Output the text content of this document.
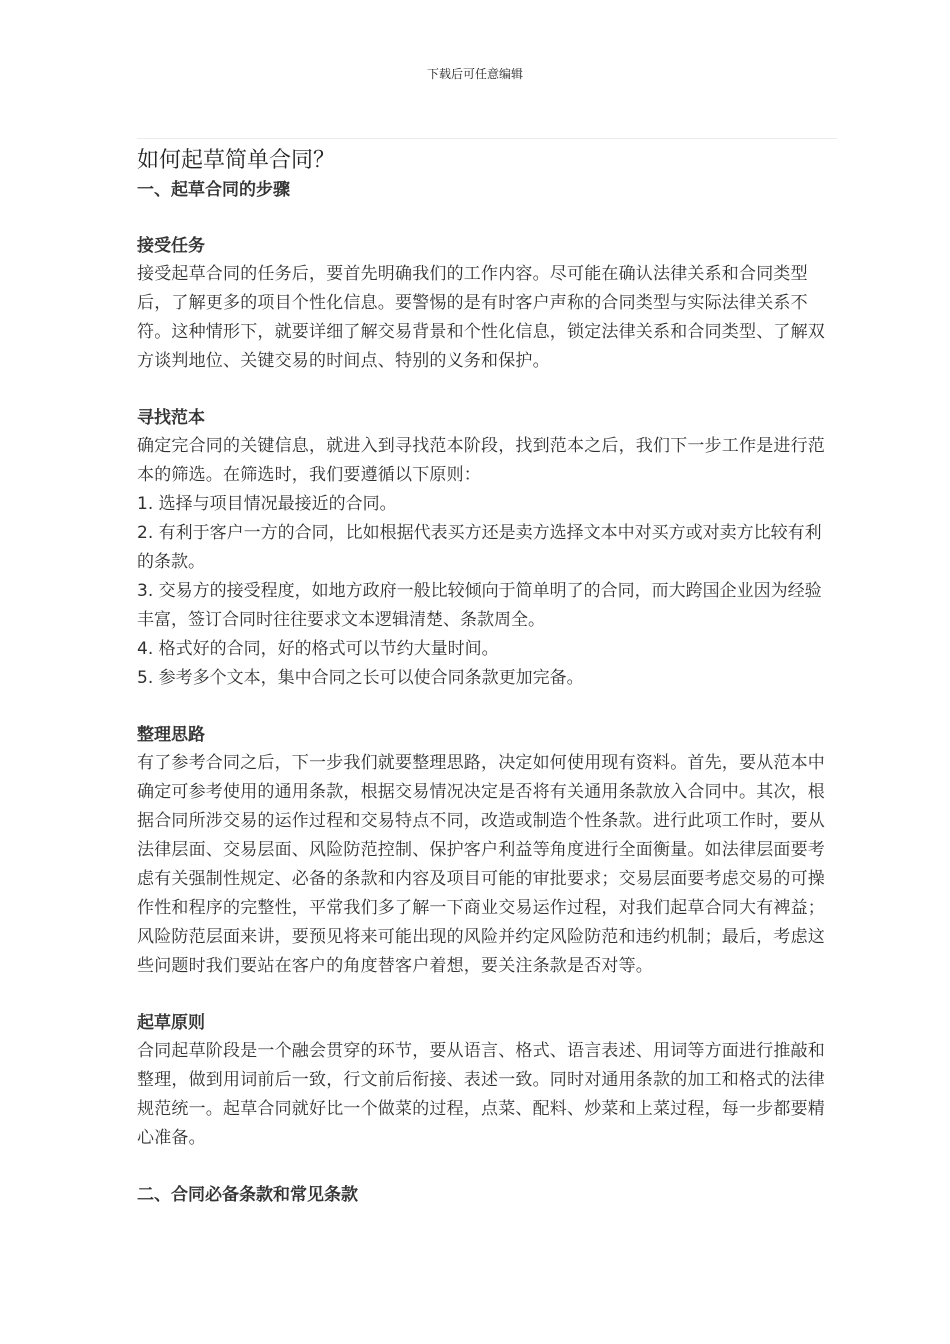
下载后可任意编辑
如何起草简单合同？
一、起草合同的步骤
接受任务

接受起草合同的任务后，要首先明确我们的工作内容。尽可能在确认法律关系和合同类型后，了解更多的项目个性化信息。要警惕的是有时客户声称的合同类型与实际法律关系不符。这种情形下，就要详细了解交易背景和个性化信息，锁定法律关系和合同类型、了解双方谈判地位、关键交易的时间点、特别的义务和保护。

寻找范本

确定完合同的关键信息，就进入到寻找范本阶段，找到范本之后，我们下一步工作是进行范本的筛选。在筛选时，我们要遵循以下原则：

1. 选择与项目情况最接近的合同。

2. 有利于客户一方的合同，比如根据代表买方还是卖方选择文本中对买方或对卖方比较有利的条款。

3. 交易方的接受程度，如地方政府一般比较倾向于简单明了的合同，而大跨国企业因为经验丰富，签订合同时往往要求文本逻辑清楚、条款周全。

4. 格式好的合同，好的格式可以节约大量时间。

5. 参考多个文本，集中合同之长可以使合同条款更加完备。

整理思路

有了参考合同之后，下一步我们就要整理思路，决定如何使用现有资料。首先，要从范本中确定可参考使用的通用条款，根据交易情况决定是否将有关通用条款放入合同中。其次，根据合同所涉交易的运作过程和交易特点不同，改造或制造个性条款。进行此项工作时，要从法律层面、交易层面、风险防范控制、保护客户利益等角度进行全面衡量。如法律层面要考虑有关强制性规定、必备的条款和内容及项目可能的审批要求；交易层面要考虑交易的可操作性和程序的完整性，平常我们多了解一下商业交易运作过程，对我们起草合同大有裨益；风险防范层面来讲，要预见将来可能出现的风险并约定风险防范和违约机制；最后，考虑这些问题时我们要站在客户的角度替客户着想，要关注条款是否对等。

起草原则

合同起草阶段是一个融会贯穿的环节，要从语言、格式、语言表述、用词等方面进行推敲和整理，做到用词前后一致，行文前后衔接、表述一致。同时对通用条款的加工和格式的法律规范统一。起草合同就好比一个做菜的过程，点菜、配料、炒菜和上菜过程，每一步都要精心准备。

二、合同必备条款和常见条款
